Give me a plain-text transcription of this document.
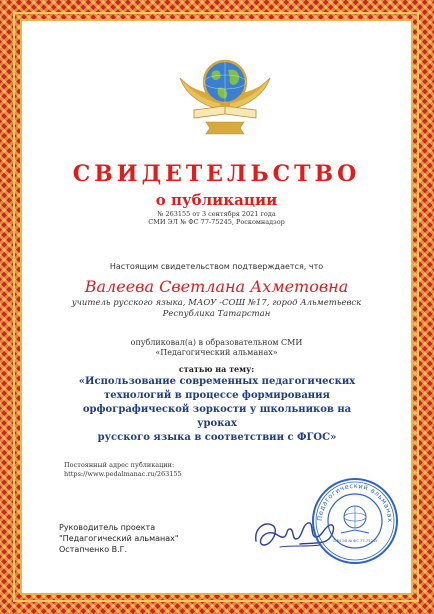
СВИДЕТЕЛЬСТВО
о публикации
№ 263155 от 3 сентября 2021 года
СМИ ЭЛ № ФС 77-75245, Роскомнадзор
Настоящим свидетельством подтверждается, что
Валеева Светлана Ахметовна
учитель русского языка, МАОУ -СОШ №17, город Альметьевск
Республика Татарстан
опубликовал(а) в образовательном СМИ
«Педагогический альманах»
статью на тему:
«Использование современных педагогических
технологий в процессе формирования
орфографической зоркости у школьников на уроках
русского языка в соответствии с ФГОС»
Постоянный адрес публикации:
https://www.pedalmanac.ru/263155
Руководитель проекта
"Педагогический альманах"
Остапченко В.Г.
Педагогический альманах
СМИ ЭЛ № ФС 77-75245
